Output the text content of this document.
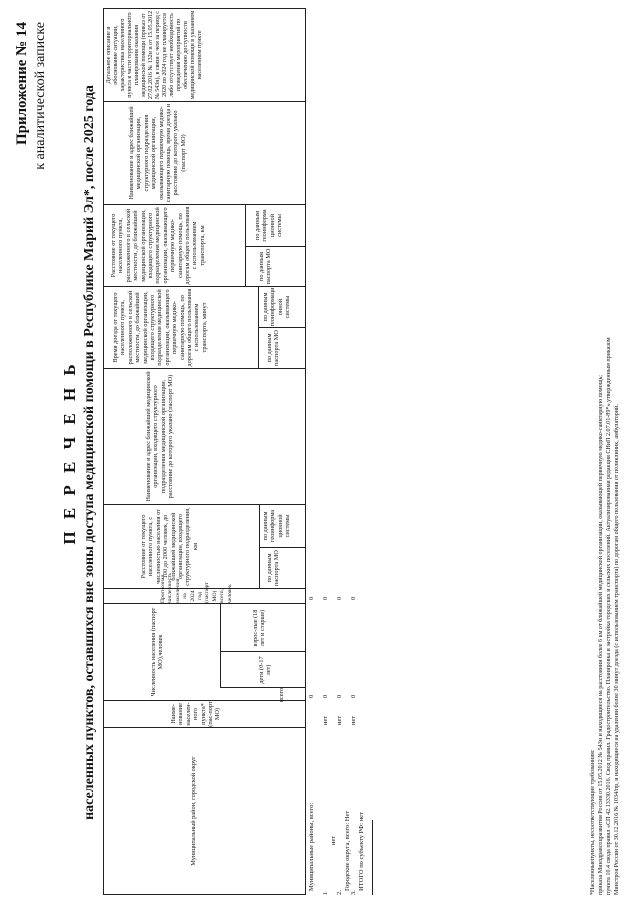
Приложение № 14 к аналитической записке
П Е Р Е Ч Е Н Ь населенных пунктов, оставшихся вне зоны доступа медицинской помощи в Республике Марий Эл*, после 2025 года	Муниципальный район, городской округ
Наиме-нование населен-ного пункта* (пас-порт МО)
Численность населения (паспорт МО),человек
всего
дети (0-17 лет)
взрос-лые (18 лет и старше)
Прогнозная численность населения на 2024 год (паспорт МО) всего, человек
Расстояние от текущего населенного пункта, с численностью населения от 100 до 2000 человек, до ближайшей медицинской организации, входящего структурного подразделения, км
по данным паспорта МО
по данным геоинформа ционной системы
Наименование и адрес ближайшей медицинской организации, входящего структурного подразделения медицинской организации, расстояние до которого указано (паспорт МО)
Время доезда от текущего населенного пункта, расположенного в сельской местности, до ближайшей медицинской организации, входящего структурного подразделения медицинской организации, оказывающего первичную медико-санитарную помощь, по дорогам общего пользования с использованием транспорта, минут	по данным паспорта МО
по данным геоинформаци онной системы
Расстояние от текущего населенного пункта, расположенного в сельской местности, до ближайшей медицинской организации, входящего структурного подразделения медицинской организации, оказывающего первичную медико-санитарную помощь, по дорогам общего пользования с использованием транспорта, км
по данным паспорта МО
по данным геоинформа ционной системы
Наименование и адрес ближайшей медицинской организации, структурного подразделения медицинской организации, оказывающего первичную медико-санитарную помощь, время доезда и расстояние до которого указано (паспорт МО)
Детальное описание и обоснование ситуации, характеристика населенного пункта в части территориального планирования оказания медицинской помощи (приказ от 27.02.2016 № 132н и от 15.05.2012 № 543н), в связи с чем за период с 2020 по 2024 год не планируется либо отсутствует необходимость проведения мероприятий по обеспечению доступности медицинской помощи в указанном населенном пункте
Муниципальные районы, всего:
0
0
1
нет
нет
0
0
2.
Городские округа, всего: Нет
нет
0
0
3.
ИТОГО по субъекту РФ: нет
нет
0
0
*Населенныепункты, несоответствующие требованиям: приказа Минздравсоцразвития России от 15.05.2012 № 543н и находящиеся на расстоянии более 6 км от ближайшей медицинской организации, оказывающей первичную медико-санитарную помощь; пункта 10.4 свода правил «СП 42.13330.2016. Свод правил. Градостроительство. Планировка и застройка городских и сельских поселений. Актуализированная редакция СНиП 2.07.01-89*»,утвержденным приказом Минстроя России от 30.12.2016 № 1034/пр, и находящиеся на удалении более 30 минут доезда (с использованием транспорта) по дорогам общего пользования от поликлиник, амбулаторий.
